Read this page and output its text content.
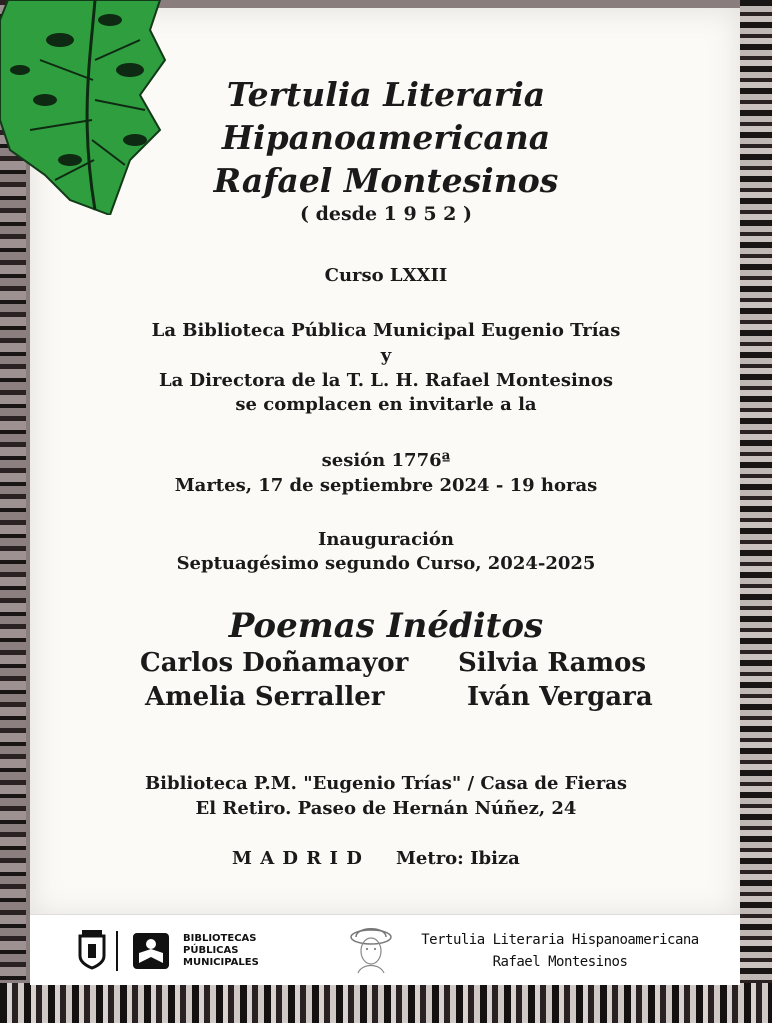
Tertulia Literaria
Hipanoamericana
Rafael Montesinos
( desde 1 9 5 2 )
Curso LXXII
La Biblioteca Pública Municipal Eugenio Trías
y
La Directora de la T. L. H. Rafael Montesinos
se complacen en invitarle a la
sesión 1776ª
Martes, 17 de septiembre 2024 - 19 horas
Inauguración
Septuagésimo segundo Curso, 2024-2025
Poemas Inéditos
Carlos Doñamayor Silvia Ramos
Amelia Serraller	Iván Vergara
Biblioteca P.M. "Eugenio Trías" / Casa de Fieras
El Retiro. Paseo de Hernán Núñez, 24
M A D R I D Metro: Ibiza
BIBLIOTECAS
PÚBLICAS
MUNICIPALES
Tertulia Literaria Hispanoamericana
Rafael Montesinos
